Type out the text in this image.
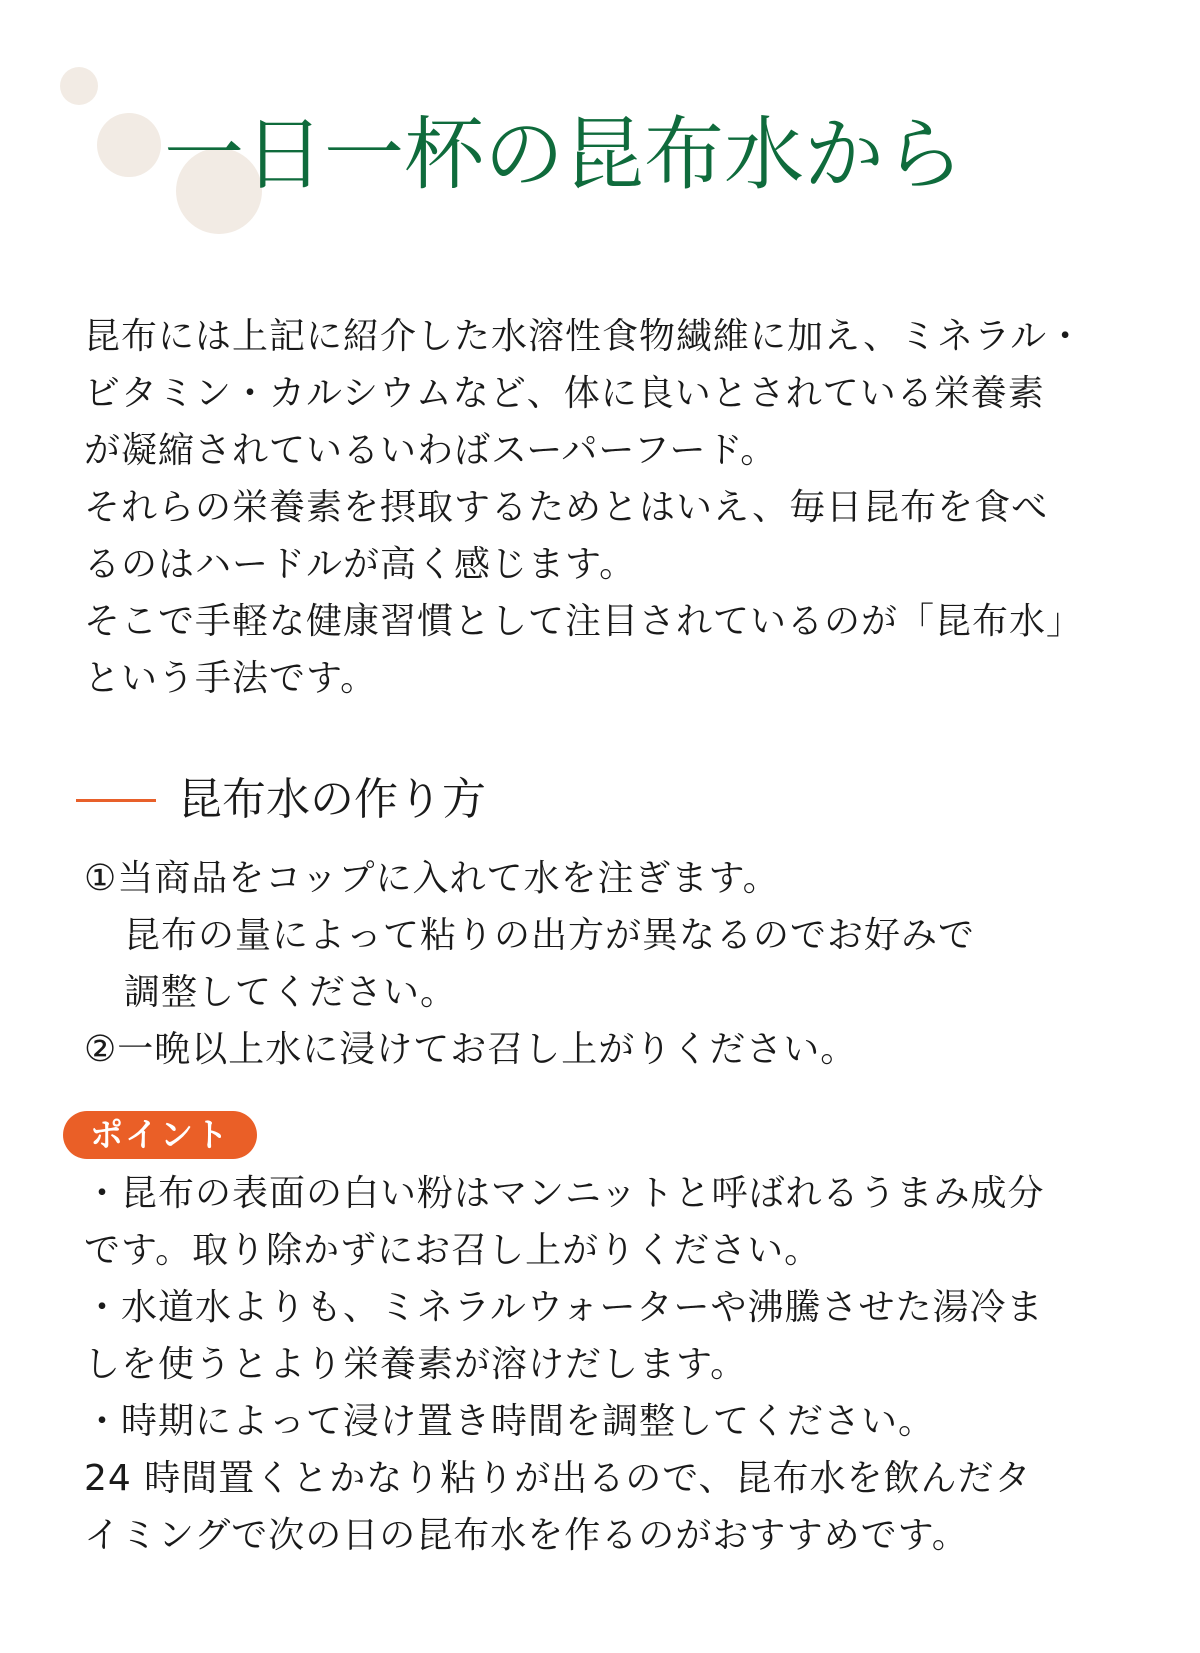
一日一杯の昆布水から

昆布には上記に紹介した水溶性食物繊維に加え、ミネラル・

ビタミン・カルシウムなど、体に良いとされている栄養素

が凝縮されているいわばスーパーフード。

それらの栄養素を摂取するためとはいえ、毎日昆布を食べ

るのはハードルが高く感じます。

そこで手軽な健康習慣として注目されているのが「昆布水」

という手法です。

昆布水の作り方

①当商品をコップに入れて水を注ぎます。

昆布の量によって粘りの出方が異なるのでお好みで

調整してください。

②一晩以上水に浸けてお召し上がりください。

ポイント

・昆布の表面の白い粉はマンニットと呼ばれるうまみ成分

です。取り除かずにお召し上がりください。

・水道水よりも、ミネラルウォーターや沸騰させた湯冷ま

しを使うとより栄養素が溶けだします。

・時期によって浸け置き時間を調整してください。

24 時間置くとかなり粘りが出るので、昆布水を飲んだタ

イミングで次の日の昆布水を作るのがおすすめです。
